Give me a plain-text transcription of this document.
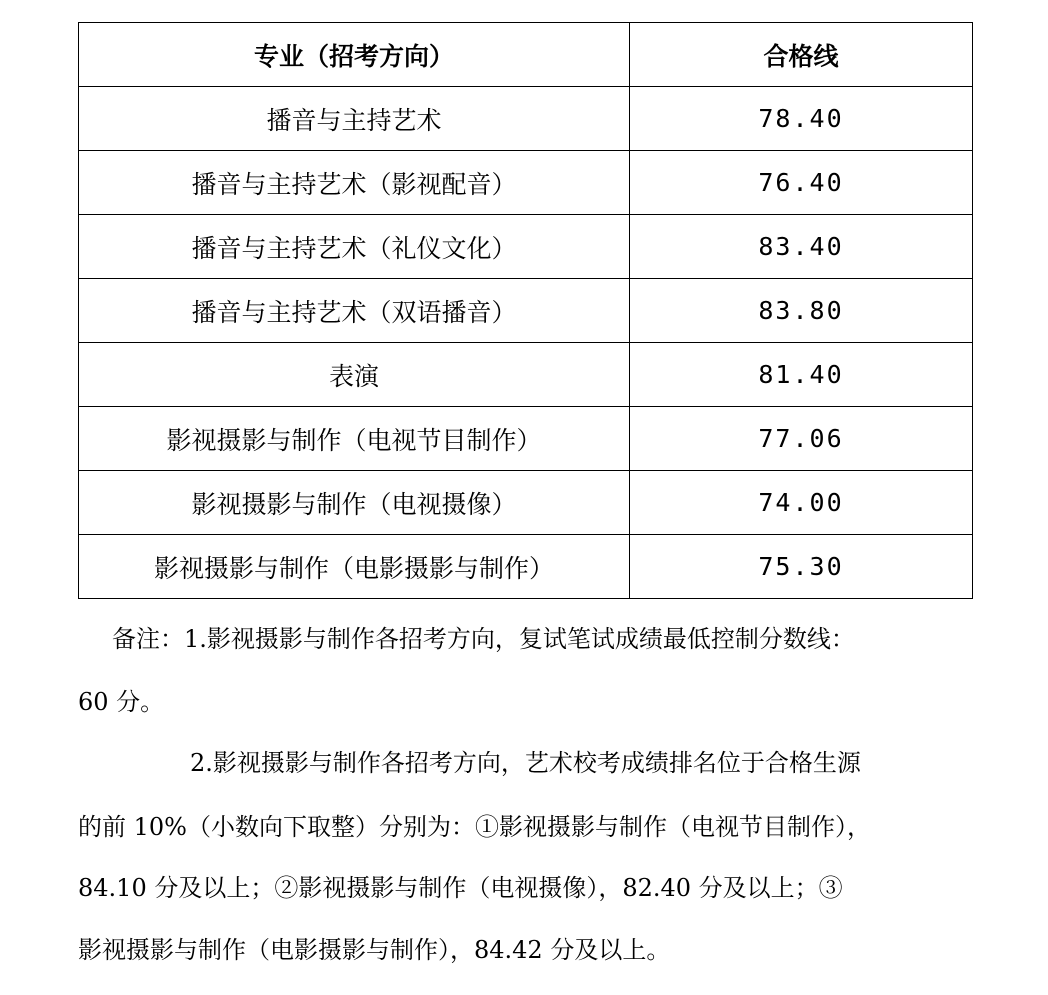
专业（招考方向）	合格线
播音与主持艺术	78.40
播音与主持艺术（影视配音）	76.40
播音与主持艺术（礼仪文化）	83.40
播音与主持艺术（双语播音）	83.80
表演	81.40
影视摄影与制作（电视节目制作）	77.06
影视摄影与制作（电视摄像）	74.00
影视摄影与制作（电影摄影与制作）	75.30
备注：1.影视摄影与制作各招考方向，复试笔试成绩最低控制分数线：
60 分。
2.影视摄影与制作各招考方向，艺术校考成绩排名位于合格生源
的前 10%（小数向下取整）分别为：①影视摄影与制作（电视节目制作），
84.10 分及以上；②影视摄影与制作（电视摄像），82.40 分及以上；③
影视摄影与制作（电影摄影与制作），84.42 分及以上。
